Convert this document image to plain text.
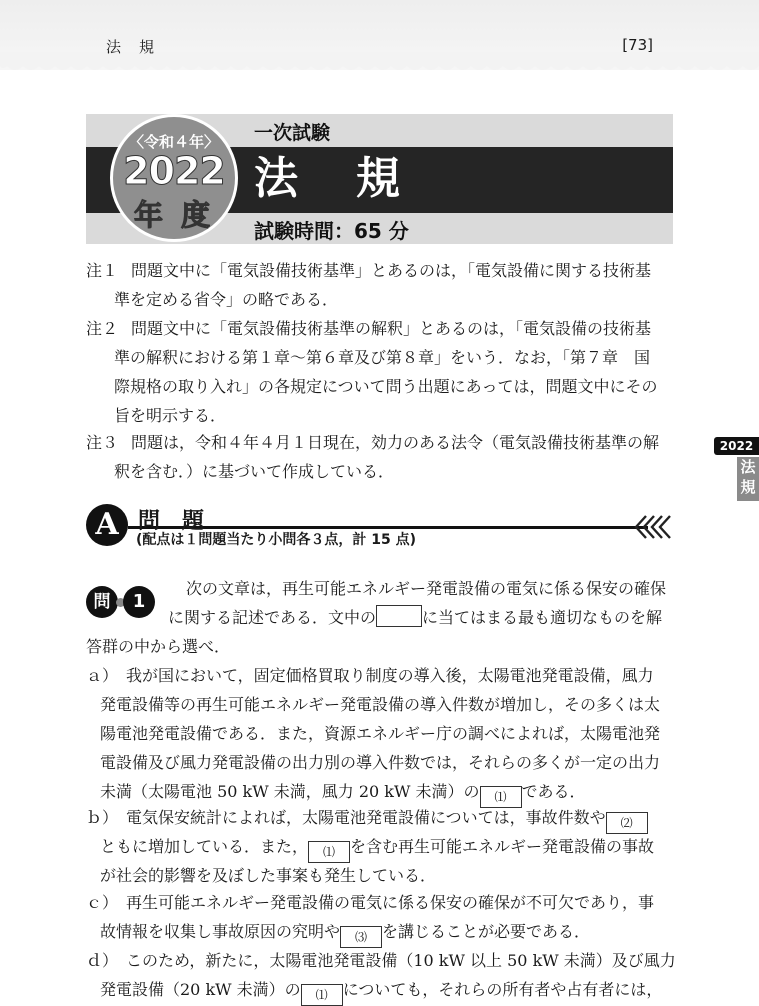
法規	[73]
一次試験
法規
試験時間：65 分
〈令和４年〉
2022
年度
注１ 問題文中に「電気設備技術基準」とあるのは，「電気設備に関する技術基
準を定める省令」の略である．
注２ 問題文中に「電気設備技術基準の解釈」とあるのは，「電気設備の技術基
準の解釈における第１章～第６章及び第８章」をいう．なお，「第７章　国
際規格の取り入れ」の各規定について問う出題にあっては，問題文中にその
旨を明示する．
注３ 問題は，令和４年４月１日現在，効力のある法令（電気設備技術基準の解
釈を含む．）に基づいて作成している．
2022
法規
A 問題
(配点は１問題当たり小問各３点，計 15 点)
問	1
次の文章は，再生可能エネルギー発電設備の電気に係る保安の確保
に関する記述である．文中の	に当てはまる最も適切なものを解
答群の中から選べ．
ａ） 我が国において，固定価格買取り制度の導入後，太陽電池発電設備，風力
発電設備等の再生可能エネルギー発電設備の導入件数が増加し，その多くは太
陽電池発電設備である．また，資源エネルギー庁の調べによれば，太陽電池発
電設備及び風力発電設備の出力別の導入件数では，それらの多くが一定の出力
未満（太陽電池 50 kW 未満，風力 20 kW 未満）の ⑴ である．
ｂ） 電気保安統計によれば，太陽電池発電設備については，事故件数や ⑵
ともに増加している．また， ⑴ を含む再生可能エネルギー発電設備の事故
が社会的影響を及ぼした事案も発生している．
ｃ） 再生可能エネルギー発電設備の電気に係る保安の確保が不可欠であり，事
故情報を収集し事故原因の究明や ⑶ を講じることが必要である．
ｄ） このため，新たに，太陽電池発電設備（10 kW 以上 50 kW 未満）及び風力
発電設備（20 kW 未満）の ⑴ についても，それらの所有者や占有者には，
